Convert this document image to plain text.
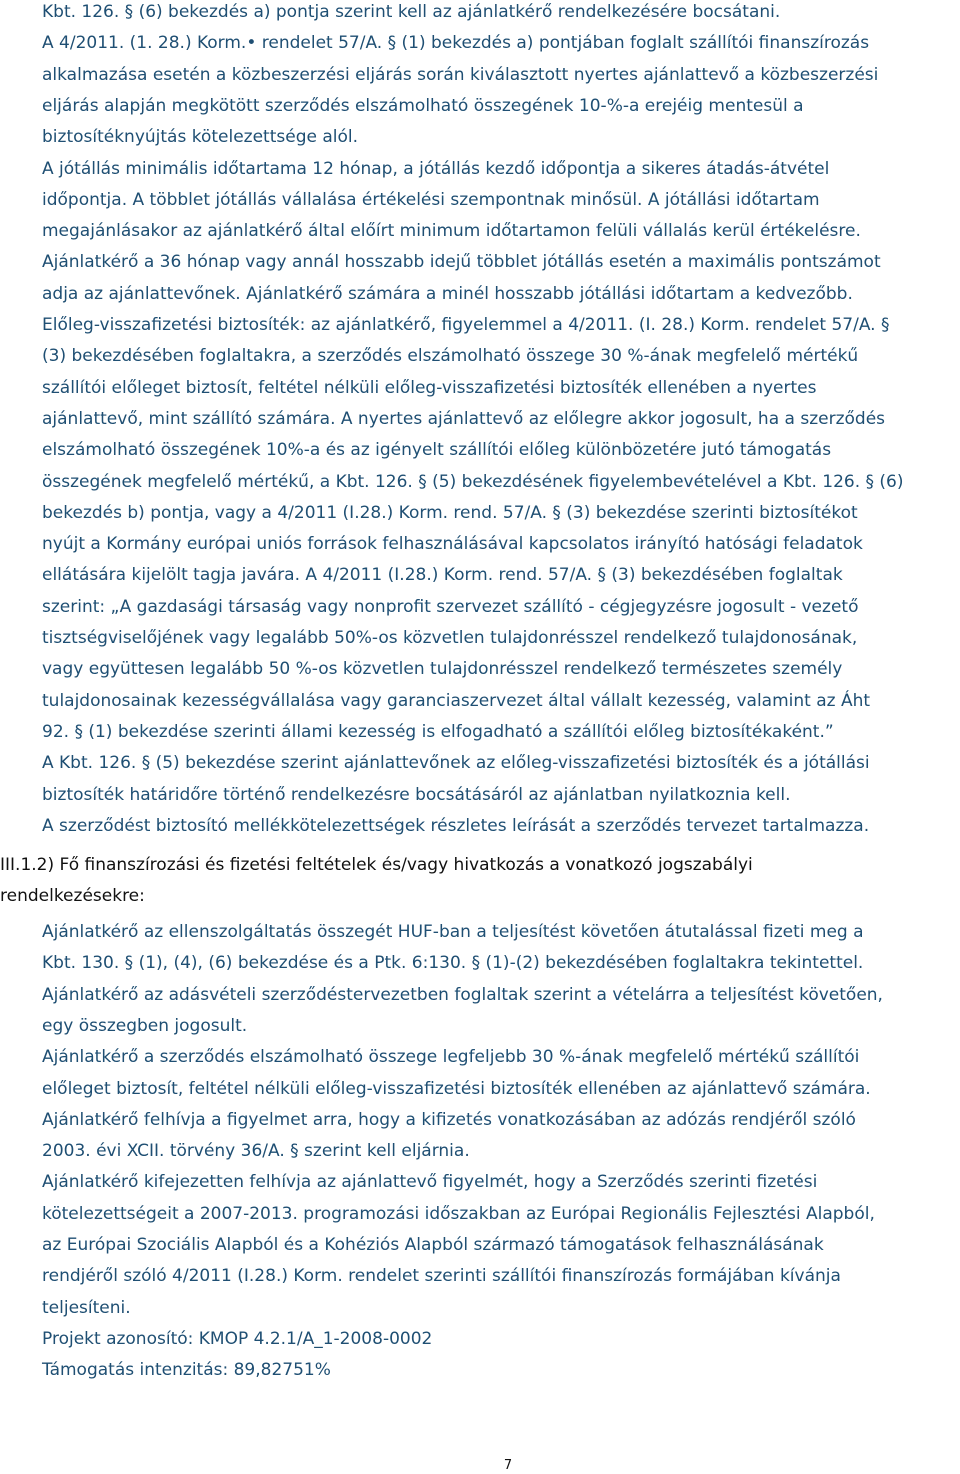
Kbt. 126. § (6) bekezdés a) pontja szerint kell az ajánlatkérő rendelkezésére bocsátani.

A 4/2011. (1. 28.) Korm.• rendelet 57/A. § (1) bekezdés a) pontjában foglalt szállítói finanszírozás

alkalmazása esetén a közbeszerzési eljárás során kiválasztott nyertes ajánlattevő a közbeszerzési

eljárás alapján megkötött szerződés elszámolható összegének 10-%-a erejéig mentesül a

biztosítéknyújtás kötelezettsége alól.

A jótállás minimális időtartama 12 hónap, a jótállás kezdő időpontja a sikeres átadás-átvétel

időpontja. A többlet jótállás vállalása értékelési szempontnak minősül. A jótállási időtartam

megajánlásakor az ajánlatkérő által előírt minimum időtartamon felüli vállalás kerül értékelésre.

Ajánlatkérő a 36 hónap vagy annál hosszabb idejű többlet jótállás esetén a maximális pontszámot

adja az ajánlattevőnek. Ajánlatkérő számára a minél hosszabb jótállási időtartam a kedvezőbb.

Előleg-visszafizetési biztosíték: az ajánlatkérő, figyelemmel a 4/2011. (I. 28.) Korm. rendelet 57/A. §

(3) bekezdésében foglaltakra, a szerződés elszámolható összege 30 %-ának megfelelő mértékű

szállítói előleget biztosít, feltétel nélküli előleg-visszafizetési biztosíték ellenében a nyertes

ajánlattevő, mint szállító számára. A nyertes ajánlattevő az előlegre akkor jogosult, ha a szerződés

elszámolható összegének 10%-a és az igényelt szállítói előleg különbözetére jutó támogatás

összegének megfelelő mértékű, a Kbt. 126. § (5) bekezdésének figyelembevételével a Kbt. 126. § (6)

bekezdés b) pontja, vagy a 4/2011 (I.28.) Korm. rend. 57/A. § (3) bekezdése szerinti biztosítékot

nyújt a Kormány európai uniós források felhasználásával kapcsolatos irányító hatósági feladatok

ellátására kijelölt tagja javára. A 4/2011 (I.28.) Korm. rend. 57/A. § (3) bekezdésében foglaltak

szerint: „A gazdasági társaság vagy nonprofit szervezet szállító - cégjegyzésre jogosult - vezető

tisztségviselőjének vagy legalább 50%-os közvetlen tulajdonrésszel rendelkező tulajdonosának,

vagy együttesen legalább 50 %-os közvetlen tulajdonrésszel rendelkező természetes személy

tulajdonosainak kezességvállalása vagy garanciaszervezet által vállalt kezesség, valamint az Áht

92. § (1) bekezdése szerinti állami kezesség is elfogadható a szállítói előleg biztosítékaként.”

A Kbt. 126. § (5) bekezdése szerint ajánlattevőnek az előleg-visszafizetési biztosíték és a jótállási

biztosíték határidőre történő rendelkezésre bocsátásáról az ajánlatban nyilatkoznia kell.

A szerződést biztosító mellékkötelezettségek részletes leírását a szerződés tervezet tartalmazza.

III.1.2) Fő finanszírozási és fizetési feltételek és/vagy hivatkozás a vonatkozó jogszabályi

rendelkezésekre:

Ajánlatkérő az ellenszolgáltatás összegét HUF-ban a teljesítést követően átutalással fizeti meg a

Kbt. 130. § (1), (4), (6) bekezdése és a Ptk. 6:130. § (1)-(2) bekezdésében foglaltakra tekintettel.

Ajánlatkérő az adásvételi szerződéstervezetben foglaltak szerint a vételárra a teljesítést követően,

egy összegben jogosult.

Ajánlatkérő a szerződés elszámolható összege legfeljebb 30 %-ának megfelelő mértékű szállítói

előleget biztosít, feltétel nélküli előleg-visszafizetési biztosíték ellenében az ajánlattevő számára.

Ajánlatkérő felhívja a figyelmet arra, hogy a kifizetés vonatkozásában az adózás rendjéről szóló

2003. évi XCII. törvény 36/A. § szerint kell eljárnia.

Ajánlatkérő kifejezetten felhívja az ajánlattevő figyelmét, hogy a Szerződés szerinti fizetési

kötelezettségeit a 2007-2013. programozási időszakban az Európai Regionális Fejlesztési Alapból,

az Európai Szociális Alapból és a Kohéziós Alapból származó támogatások felhasználásának

rendjéről szóló 4/2011 (I.28.) Korm. rendelet szerinti szállítói finanszírozás formájában kívánja

teljesíteni.

Projekt azonosító: KMOP 4.2.1/A_1-2008-0002

Támogatás intenzitás: 89,82751%

7
